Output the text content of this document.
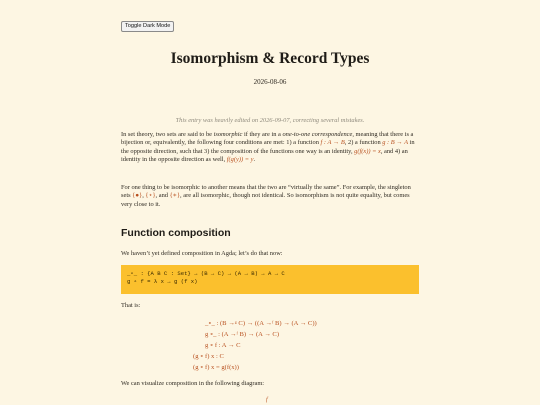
Toggle Dark Mode
Isomorphism & Record Types
2026-08-06
This entry was heavily edited on 2026-09-07, correcting several mistakes.

In set theory, two sets are said to be isomorphic if they are in a one-to-one correspondence, meaning that there is a bijection or, equivalently, the following four conditions are met: 1) a function f : A → B, 2) a function g : B → A in the opposite direction, such that 3) the composition of the functions one way is an identity, g(f(x)) = x, and 4) an identity in the opposite direction as well, f(g(y)) = y.

For one thing to be isomorphic to another means that the two are “virtually the same”. For example, the singleton sets {●}, {⋆}, and {∗}, are all isomorphic, though not identical. So isomorphism is not quite equality, but comes very close to it.

Function composition

We haven’t yet defined composition in Agda; let’s do that now:

_∘_ : {A B C : Set} → (B → C) → (A → B) → A → C
g ∘ f = λ x → g (f x)

That is:

_∘_ : (B →ᵍ C) → ((A →ᶠ B) → (A → C))
g ∘_ : (A →ᶠ B) → (A → C)
g ∘ f : A → C
(g ∘ f) x : C
(g ∘ f) x = g(f(x))

We can visualize composition in the following diagram:

f
